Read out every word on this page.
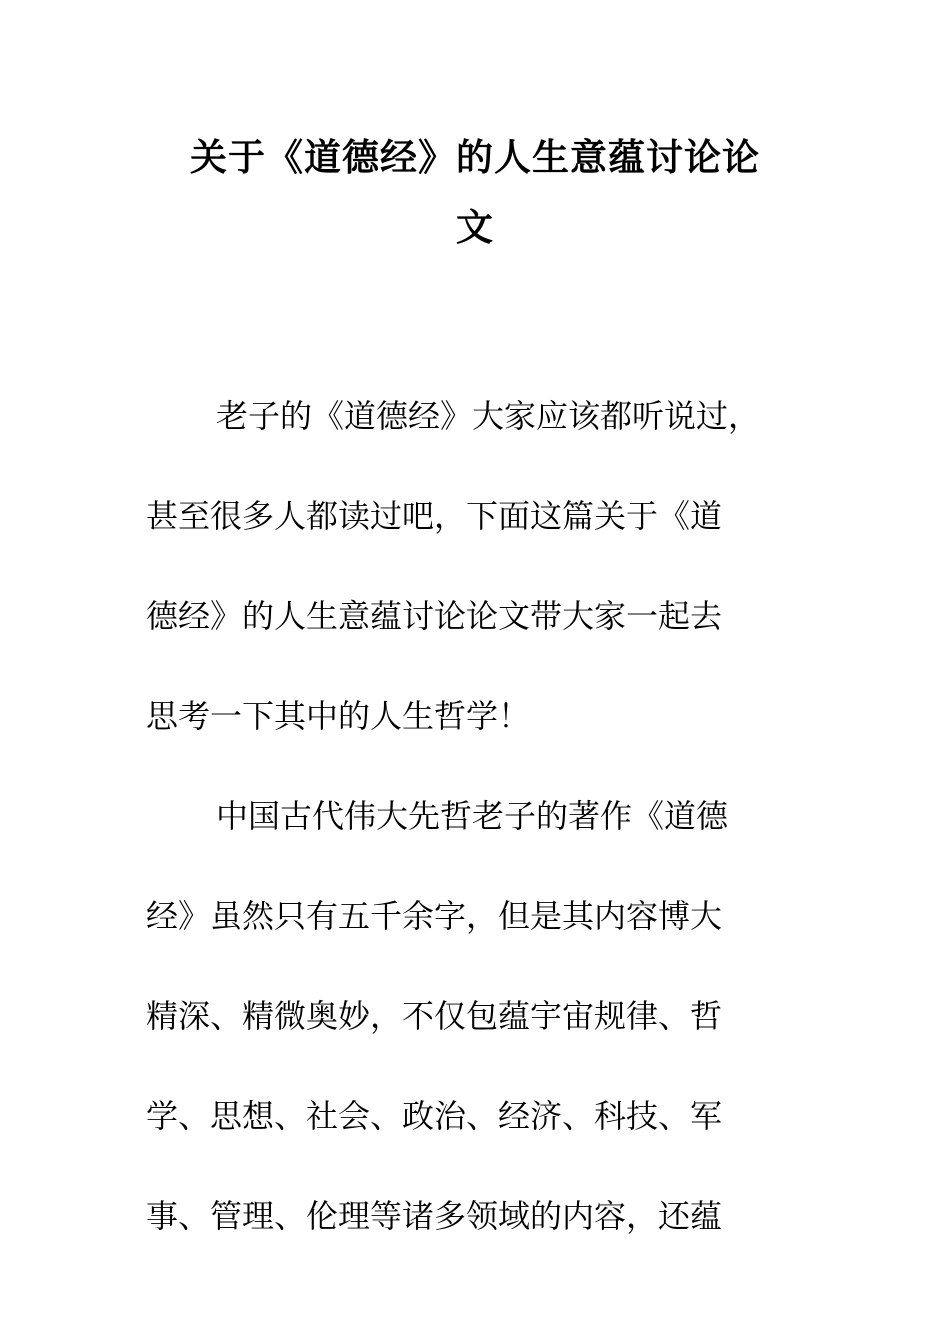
关于《道德经》的人生意蕴讨论论
文
老子的《道德经》大家应该都听说过，
甚至很多人都读过吧，下面这篇关于《道
德经》的人生意蕴讨论论文带大家一起去
思考一下其中的人生哲学！
中国古代伟大先哲老子的著作《道德
经》虽然只有五千余字，但是其内容博大
精深、精微奥妙，不仅包蕴宇宙规律、哲
学、思想、社会、政治、经济、科技、军
事、管理、伦理等诸多领域的内容，还蕴
